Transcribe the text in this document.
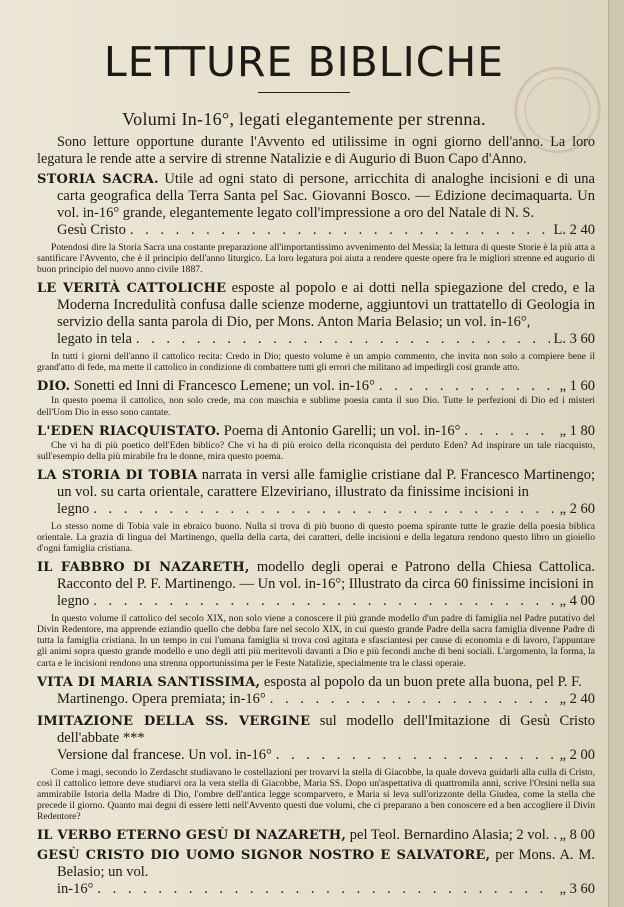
LETTURE BIBLICHE
Volumi In-16°, legati elegantemente per strenna.

Sono letture opportune durante l'Avvento ed utilissime in ogni giorno dell'anno. La loro legatura le rende atte a servire di strenne Natalizie e di Augurio di Buon Capo d'Anno.

STORIA SACRA. Utile ad ogni stato di persone, arricchita di analoghe incisioni e di una carta geografica della Terra Santa pel Sac. Giovanni Bosco. — Edizione decimaquarta. Un vol. in-16° grande, elegantemente legato coll'impressione a oro del Natale di N. S.

Gesù Cristo . . .	L. 2 40

Potendosi dire la Storia Sacra una costante preparazione all'importantissimo avvenimento del Messia; la lettura di queste Storie è la più atta a santificare l'Avvento, che è il principio dell'anno liturgico. La loro legatura poi aiuta a rendere queste opere fra le migliori strenne ed augurio di buon principio del nuovo anno civile 1887.

LE VERITÀ CATTOLICHE esposte al popolo e ai dotti nella spiegazione del credo, e la Moderna Incredulità confusa dalle scienze moderne, aggiuntovi un trattatello di Geologia in servizio della santa parola di Dio, per Mons. Anton Maria Belasio; un vol. in-16°,

legato in tela . . .	L. 3 60

In tutti i giorni dell'anno il cattolico recita: Credo in Dio; questo volume è un ampio commento, che invita non solo a compiere bene il grand'atto di fede, ma mette il cattolico in condizione di combattere tutti gli errori che militano ad impedirgli così grande atto.

DIO.
Sonetti ed Inni di Francesco Lemene; un vol. in-16° . . .	„ 1 60

In questo poema il cattolico, non solo crede, ma con maschia e sublime poesia canta il suo Dio. Tutte le perfezioni di Dio ed i misteri dell'Uom Dio in esso sono cantate.

L'EDEN RIACQUISTATO.
Poema di Antonio Garelli; un vol. in-16° . . .	„ 1 80

Che vi ha di più poetico dell'Eden biblico? Che vi ha di più eroico della riconquista del perduto Eden? Ad inspirare un tale riacquisto, sull'esempio della più mirabile fra le donne, mira questo poema.

LA STORIA DI TOBIA narrata in versi alle famiglie cristiane dal P. Francesco Martinengo; un vol. su carta orientale, carattere Elzeviriano, illustrato da finissime incisioni in

legno . . .	„ 2 60

Lo stesso nome di Tobia vale in ebraico buono. Nulla si trova di più buono di questo poema spirante tutte le grazie della poesia biblica orientale. La grazia di lingua del Martinengo, quella della carta, dei caratteri, delle incisioni e della legatura rendono questo libro un gioiello d'ogni famiglia cristiana.

IL FABBRO DI NAZARETH, modello degli operai e Patrono della Chiesa Cattolica. Racconto del P. F. Martinengo. — Un vol. in-16°; Illustrato da circa 60 finissime incisioni in

legno . . .	„ 4 00

In questo volume il cattolico del secolo XIX, non solo viene a conoscere il più grande modello d'un padre di famiglia nel Padre putativo del Divin Redentore, ma apprende eziandio quello che debba fare nel secolo XIX, in cui questo grande Padre della sacra famiglia divenne Padre di tutta la famiglia cristiana. In un tempo in cui l'umana famiglia si trova così agitata e sfasciantesi per cause di economia e di lavoro, l'appuntare gli animi sopra questo grande modello e uno degli atti più meritevoli davanti a Dio e più fecondi anche di beni sociali. L'argomento, la forma, la carta e le incisioni rendono una strenna opportunissima per le Feste Natalizie, specialmente tra le classi operaie.

VITA DI MARIA SANTISSIMA, esposta al popolo da un buon prete alla buona, pel P. F.

Martinengo. Opera premiata; in-16° . . .	„ 2 40

IMITAZIONE DELLA SS. VERGINE sul modello dell'Imitazione di Gesù Cristo dell'abbate ***

Versione dal francese. Un vol. in-16° . . .	„ 2 00

Come i magi, secondo lo Zerdascht studiavano le costellazioni per trovarvi la stella di Giacobbe, la quale doveva guidarli alla culla di Cristo, così il cattolico lettore deve studiarvi ora la vera stella di Giacobbe, Maria SS. Dopo un'aspettativa di quattromila anni, scrive l'Orsini nella sua ammirabile Istoria della Madre di Dio, l'ombre dell'antica legge scomparvero, e Maria si leva sull'orizzonte della Giudea, come la stella che precede il giorno. Quanto mai degni di essere letti nell'Avvento questi due volumi, che ci preparano a ben conoscere ed a ben accogliere il Divin Redentore?

IL VERBO ETERNO GESÙ DI NAZARETH,
pel Teol. Bernardino Alasia; 2 vol. . . . „ 8 00

GESÙ CRISTO DIO UOMO SIGNOR NOSTRO E SALVATORE, per Mons. A. M. Belasio; un vol.

in-16° . . .	„ 3 60
